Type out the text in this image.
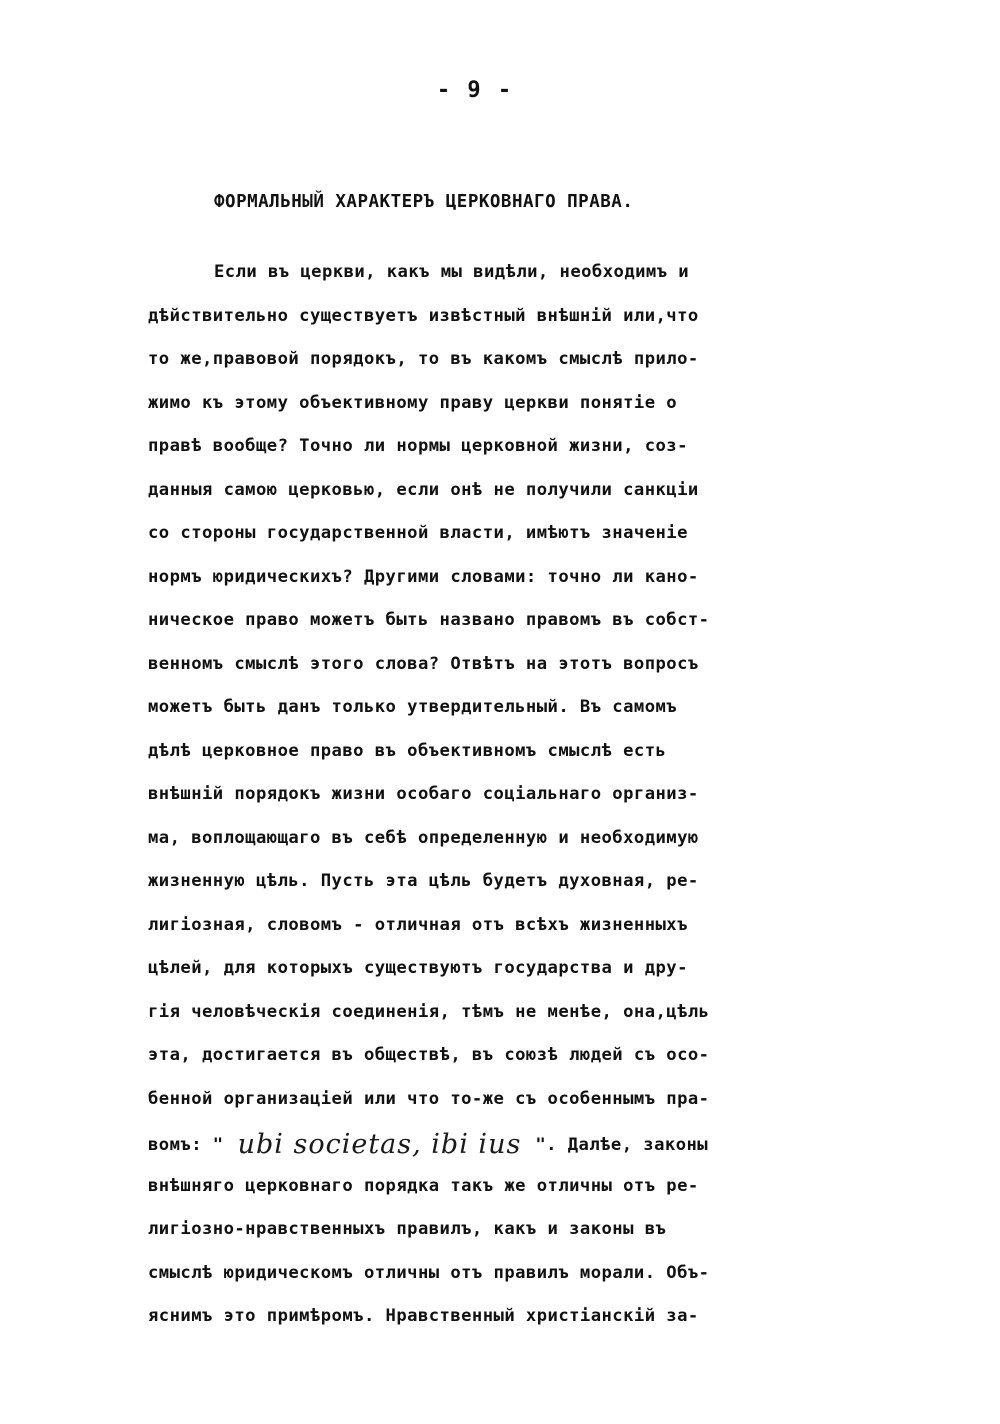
- 9 -
ФОРМАЛЬНЫЙ ХАРАКТЕРЪ ЦЕРКОВНАГО ПРАВА.
Если въ церкви, какъ мы видѣли, необходимъ и
дѣйствительно существуетъ извѣстный внѣшній или,что
то же,правовой порядокъ, то въ какомъ смыслѣ прило-
жимо къ этому объективному праву церкви понятіе о
правѣ вообще? Точно ли нормы церковной жизни, соз-
данныя самою церковью, если онѣ не получили санкціи
со стороны государственной власти, имѣютъ значеніе
нормъ юридическихъ? Другими словами: точно ли кано-
ническое право можетъ быть названо правомъ въ собст-
венномъ смыслѣ этого слова? Отвѣтъ на этотъ вопросъ
можетъ быть данъ только утвердительный. Въ самомъ
дѣлѣ церковное право въ объективномъ смыслѣ есть
внѣшній порядокъ жизни особаго соціальнаго организ-
ма, воплощающаго въ себѣ определенную и необходимую
жизненную цѣль. Пусть эта цѣль будетъ духовная, ре-
лигіозная, словомъ - отличная отъ всѣхъ жизненныхъ
цѣлей, для которыхъ существуютъ государства и дру-
гія человѣческія соединенія, тѣмъ не менѣе, она,цѣль
эта, достигается въ обществѣ, въ союзѣ людей съ осо-
бенной организаціей или что то-же съ особеннымъ пра-
вомъ: " ubi societas, ibi ius ". Далѣе, законы
внѣшняго церковнаго порядка такъ же отличны отъ ре-
лигіозно-нравственныхъ правилъ, какъ и законы въ
смыслѣ юридическомъ отличны отъ правилъ морали. Объ-
яснимъ это примѣромъ. Нравственный христіанскій за-
